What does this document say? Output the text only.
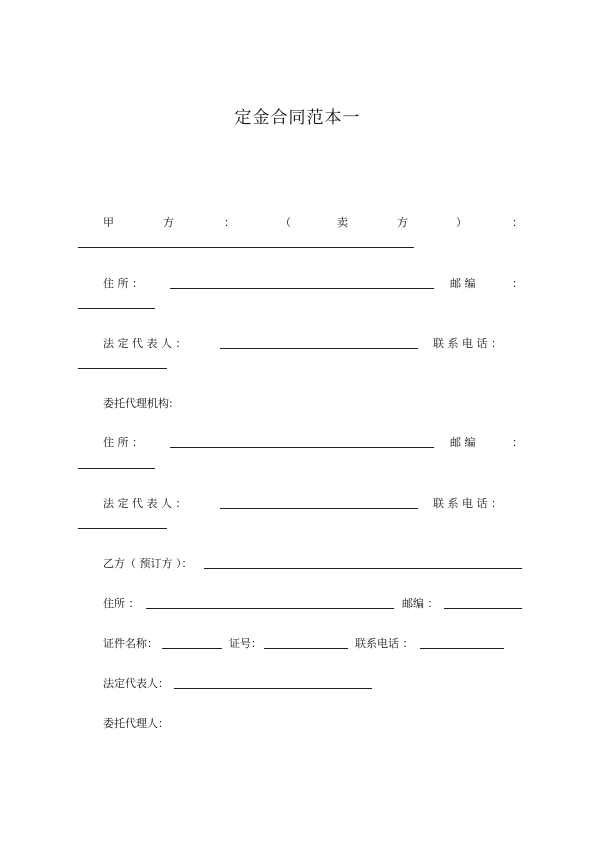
定金合同范本一
甲	方	：	（	卖	方	）	：
住 所 ：	邮 编	：
法 定 代 表 人 ：	联 系 电 话 ：
委托代理机构:
住 所 ：	邮 编	：
法 定 代 表 人 ：	联 系 电 话 ：
乙方（ 预订方 ）：
住所 ：	邮编 ：
证件名称：	证号：	联系电话 ：
法定代表人：
委托代理人：
